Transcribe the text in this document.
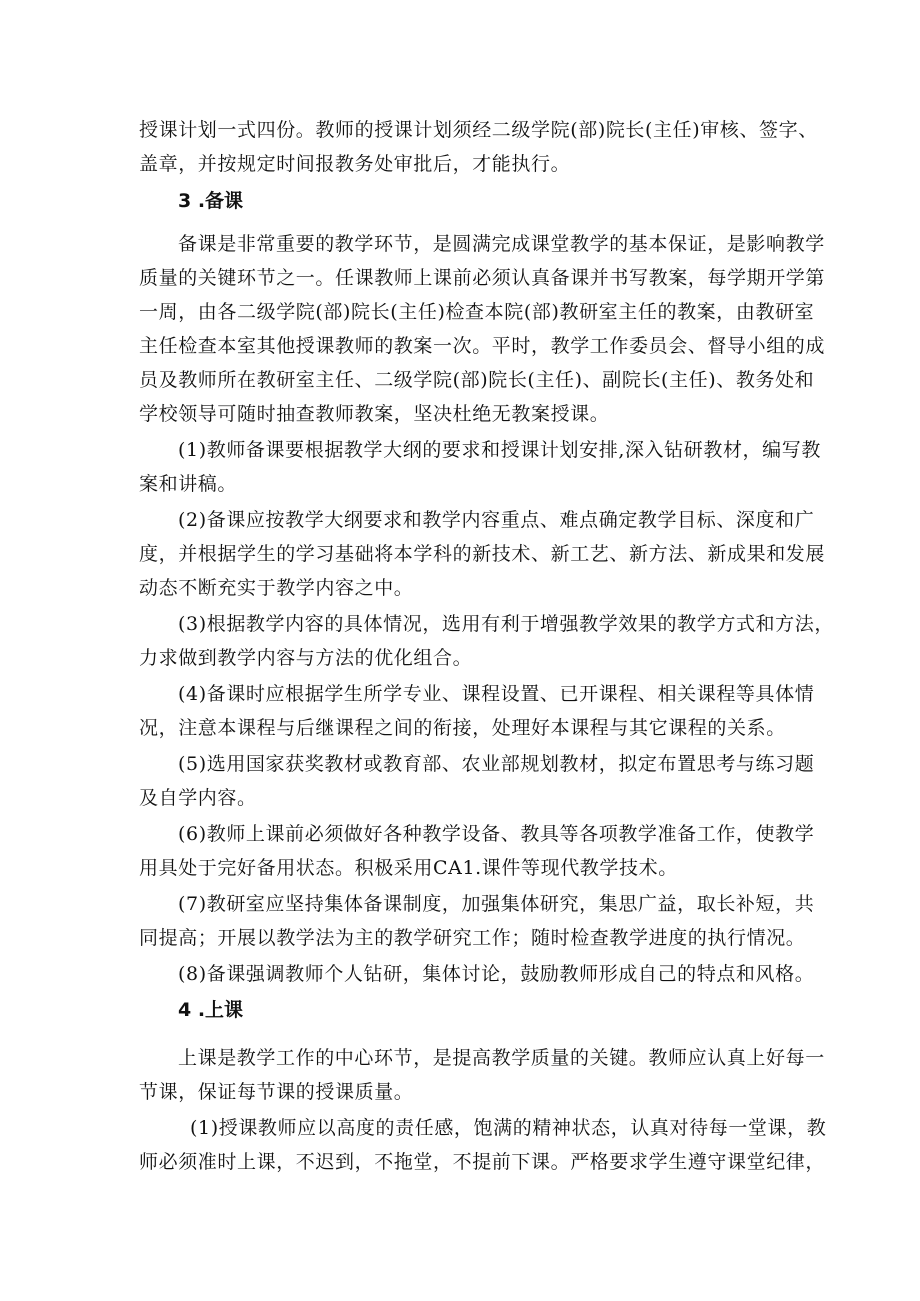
授课计划一式四份。教师的授课计划须经二级学院(部)院长(主任)审核、签字、
盖章，并按规定时间报教务处审批后，才能执行。
3 .备课
备课是非常重要的教学环节，是圆满完成课堂教学的基本保证，是影响教学
质量的关键环节之一。任课教师上课前必须认真备课并书写教案，每学期开学第
一周，由各二级学院(部)院长(主任)检查本院(部)教研室主任的教案，由教研室
主任检查本室其他授课教师的教案一次。平时，教学工作委员会、督导小组的成
员及教师所在教研室主任、二级学院(部)院长(主任)、副院长(主任)、教务处和
学校领导可随时抽查教师教案，坚决杜绝无教案授课。
(1)教师备课要根据教学大纲的要求和授课计划安排,深入钻研教材，编写教
案和讲稿。
(2)备课应按教学大纲要求和教学内容重点、难点确定教学目标、深度和广
度，并根据学生的学习基础将本学科的新技术、新工艺、新方法、新成果和发展
动态不断充实于教学内容之中。
(3)根据教学内容的具体情况，选用有利于增强教学效果的教学方式和方法，
力求做到教学内容与方法的优化组合。
(4)备课时应根据学生所学专业、课程设置、已开课程、相关课程等具体情
况，注意本课程与后继课程之间的衔接，处理好本课程与其它课程的关系。
(5)选用国家获奖教材或教育部、农业部规划教材，拟定布置思考与练习题
及自学内容。
(6)教师上课前必须做好各种教学设备、教具等各项教学准备工作，使教学
用具处于完好备用状态。积极采用CA1.课件等现代教学技术。
(7)教研室应坚持集体备课制度，加强集体研究，集思广益，取长补短，共
同提高；开展以教学法为主的教学研究工作；随时检查教学进度的执行情况。
(8)备课强调教师个人钻研，集体讨论，鼓励教师形成自己的特点和风格。
4 .上课
上课是教学工作的中心环节，是提高教学质量的关键。教师应认真上好每一
节课，保证每节课的授课质量。
(1)授课教师应以高度的责任感，饱满的精神状态，认真对待每一堂课，教
师必须准时上课，不迟到，不拖堂，不提前下课。严格要求学生遵守课堂纪律，
